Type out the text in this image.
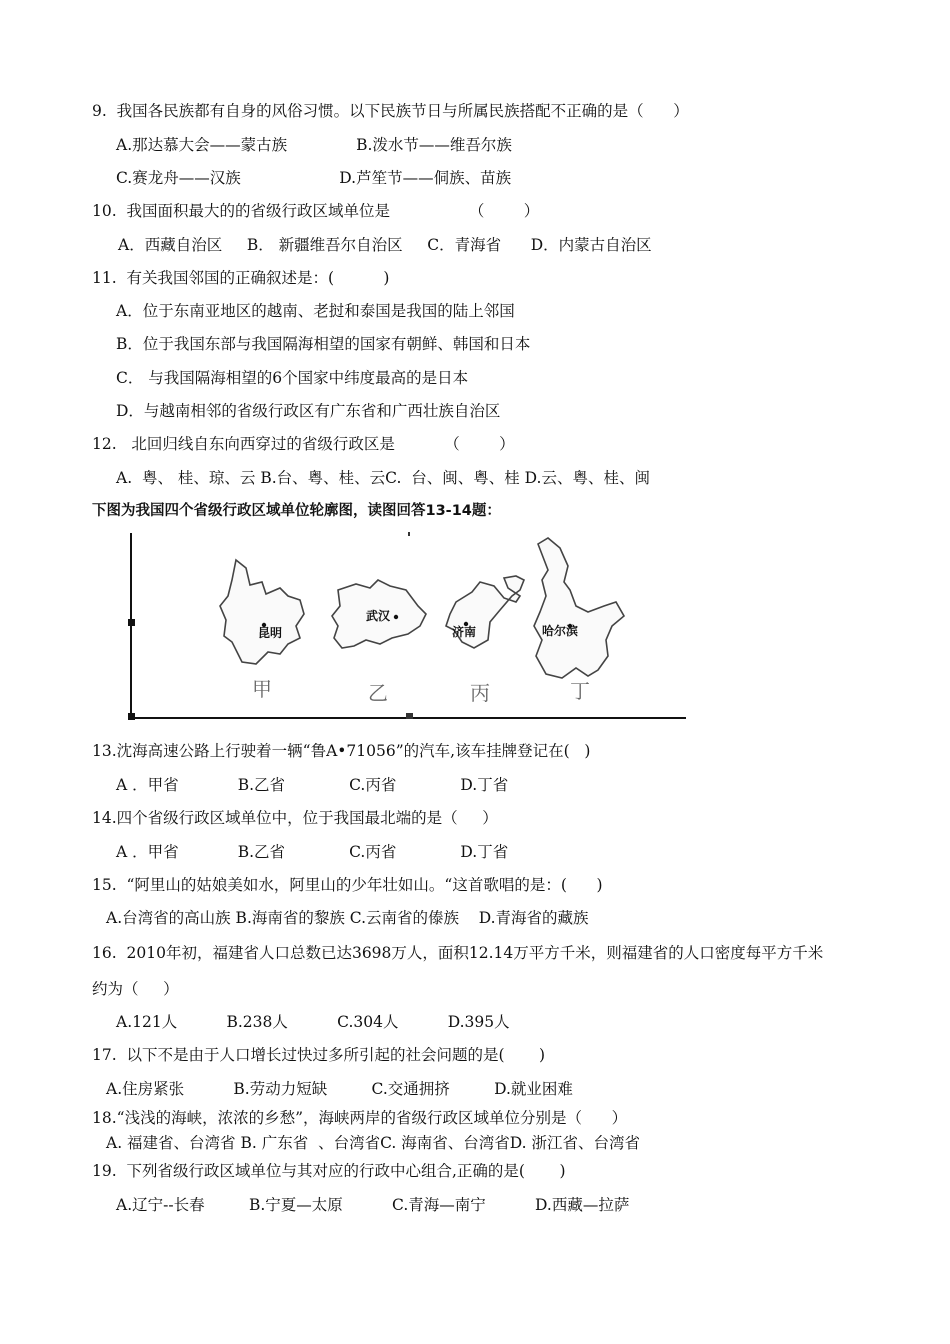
9.  我国各民族都有自身的风俗习惯。以下民族节日与所属民族搭配不正确的是（      ）
A.那达慕大会——蒙古族              B.泼水节——维吾尔族
C.赛龙舟——汉族                    D.芦笙节——侗族、苗族
10.  我国面积最大的的省级行政区域单位是                （        ）
A．西藏自治区     B． 新疆维吾尔自治区     C．青海省      D．内蒙古自治区
11.  有关我国邻国的正确叙述是：(          )
A．位于东南亚地区的越南、老挝和泰国是我国的陆上邻国
B．位于我国东部与我国隔海相望的国家有朝鲜、韩国和日本
C． 与我国隔海相望的6个国家中纬度最高的是日本
D．与越南相邻的省级行政区有广东省和广西壮族自治区
12.   北回归线自东向西穿过的省级行政区是          （        ）
A.  粤、 桂、琼、云 B.台、粤、桂、云C.  台、闽、粤、桂 D.云、粤、桂、闽
下图为我国四个省级行政区域单位轮廓图，读图回答13-14题：
昆明
武汉
济南	哈尔滨
甲	乙	丙	丁
13.沈海高速公路上行驶着一辆“鲁A•71056”的汽车,该车挂牌登记在(   )
A ．甲省            B.乙省             C.丙省             D.丁省
14.四个省级行政区域单位中，位于我国最北端的是（     ）
A ．甲省            B.乙省             C.丙省             D.丁省
15.  “阿里山的姑娘美如水，阿里山的少年壮如山。“这首歌唱的是：(      )
A.台湾省的高山族 B.海南省的黎族 C.云南省的傣族    D.青海省的藏族
16.  2010年初，福建省人口总数已达3698万人，面积12.14万平方千米，则福建省的人口密度每平方千米
约为（     ）
A.121人          B.238人          C.304人          D.395人
17.  以下不是由于人口增长过快过多所引起的社会问题的是(       )
A.住房紧张          B.劳动力短缺         C.交通拥挤         D.就业困难
18.“浅浅的海峡，浓浓的乡愁”，海峡两岸的省级行政区域单位分别是（      ）
A. 福建省、台湾省 B. 广东省  、台湾省C. 海南省、台湾省D. 浙江省、台湾省
19.  下列省级行政区域单位与其对应的行政中心组合,正确的是(       )
A.辽宁--长春         B.宁夏—太原          C.青海—南宁          D.西藏—拉萨
